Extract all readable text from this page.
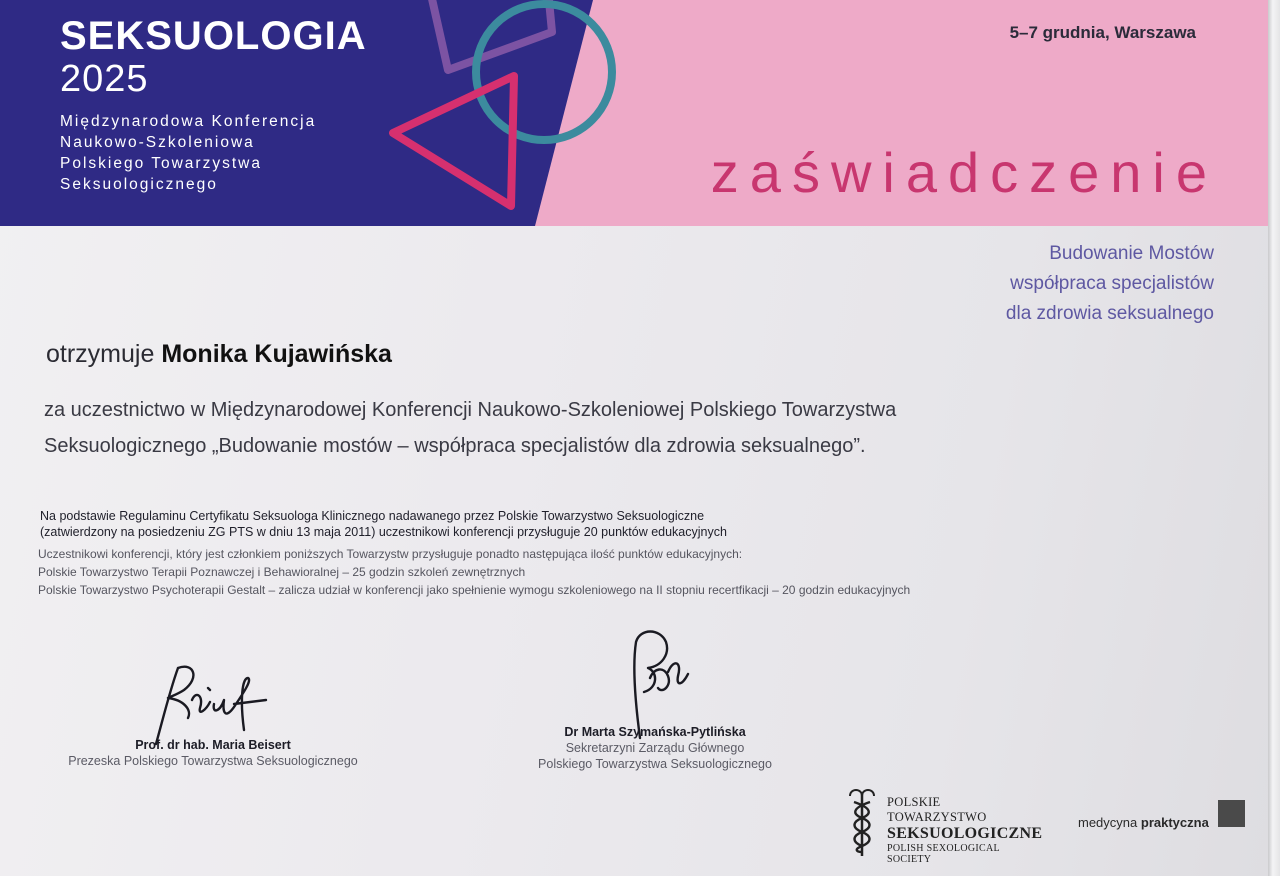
SEKSUOLOGIA
2025
Międzynarodowa Konferencja
Naukowo-Szkoleniowa
Polskiego Towarzystwa
Seksuologicznego
5–7 grudnia, Warszawa
zaświadczenie
Budowanie Mostów
współpraca specjalistów
dla zdrowia seksualnego
otrzymuje Monika Kujawińska
za uczestnictwo w Międzynarodowej Konferencji Naukowo-Szkoleniowej Polskiego Towarzystwa
Seksuologicznego „Budowanie mostów – współpraca specjalistów dla zdrowia seksualnego”.
Na podstawie Regulaminu Certyfikatu Seksuologa Klinicznego nadawanego przez Polskie Towarzystwo Seksuologiczne
(zatwierdzony na posiedzeniu ZG PTS w dniu 13 maja 2011) uczestnikowi konferencji przysługuje 20 punktów edukacyjnych
Uczestnikowi konferencji, który jest członkiem poniższych Towarzystw przysługuje ponadto następująca ilość punktów edukacyjnych:
Polskie Towarzystwo Terapii Poznawczej i Behawioralnej – 25 godzin szkoleń zewnętrznych
Polskie Towarzystwo Psychoterapii Gestalt – zalicza udział w konferencji jako spełnienie wymogu szkoleniowego na II stopniu recertfikacji – 20 godzin edukacyjnych
Prof. dr hab. Maria Beisert
Prezeska Polskiego Towarzystwa Seksuologicznego
Dr Marta Szymańska-Pytlińska
Sekretarzyni Zarządu Głównego
Polskiego Towarzystwa Seksuologicznego
POLSKIE TOWARZYSTWO
SEKSUOLOGICZNE
POLISH SEXOLOGICAL SOCIETY
medycyna praktyczna
